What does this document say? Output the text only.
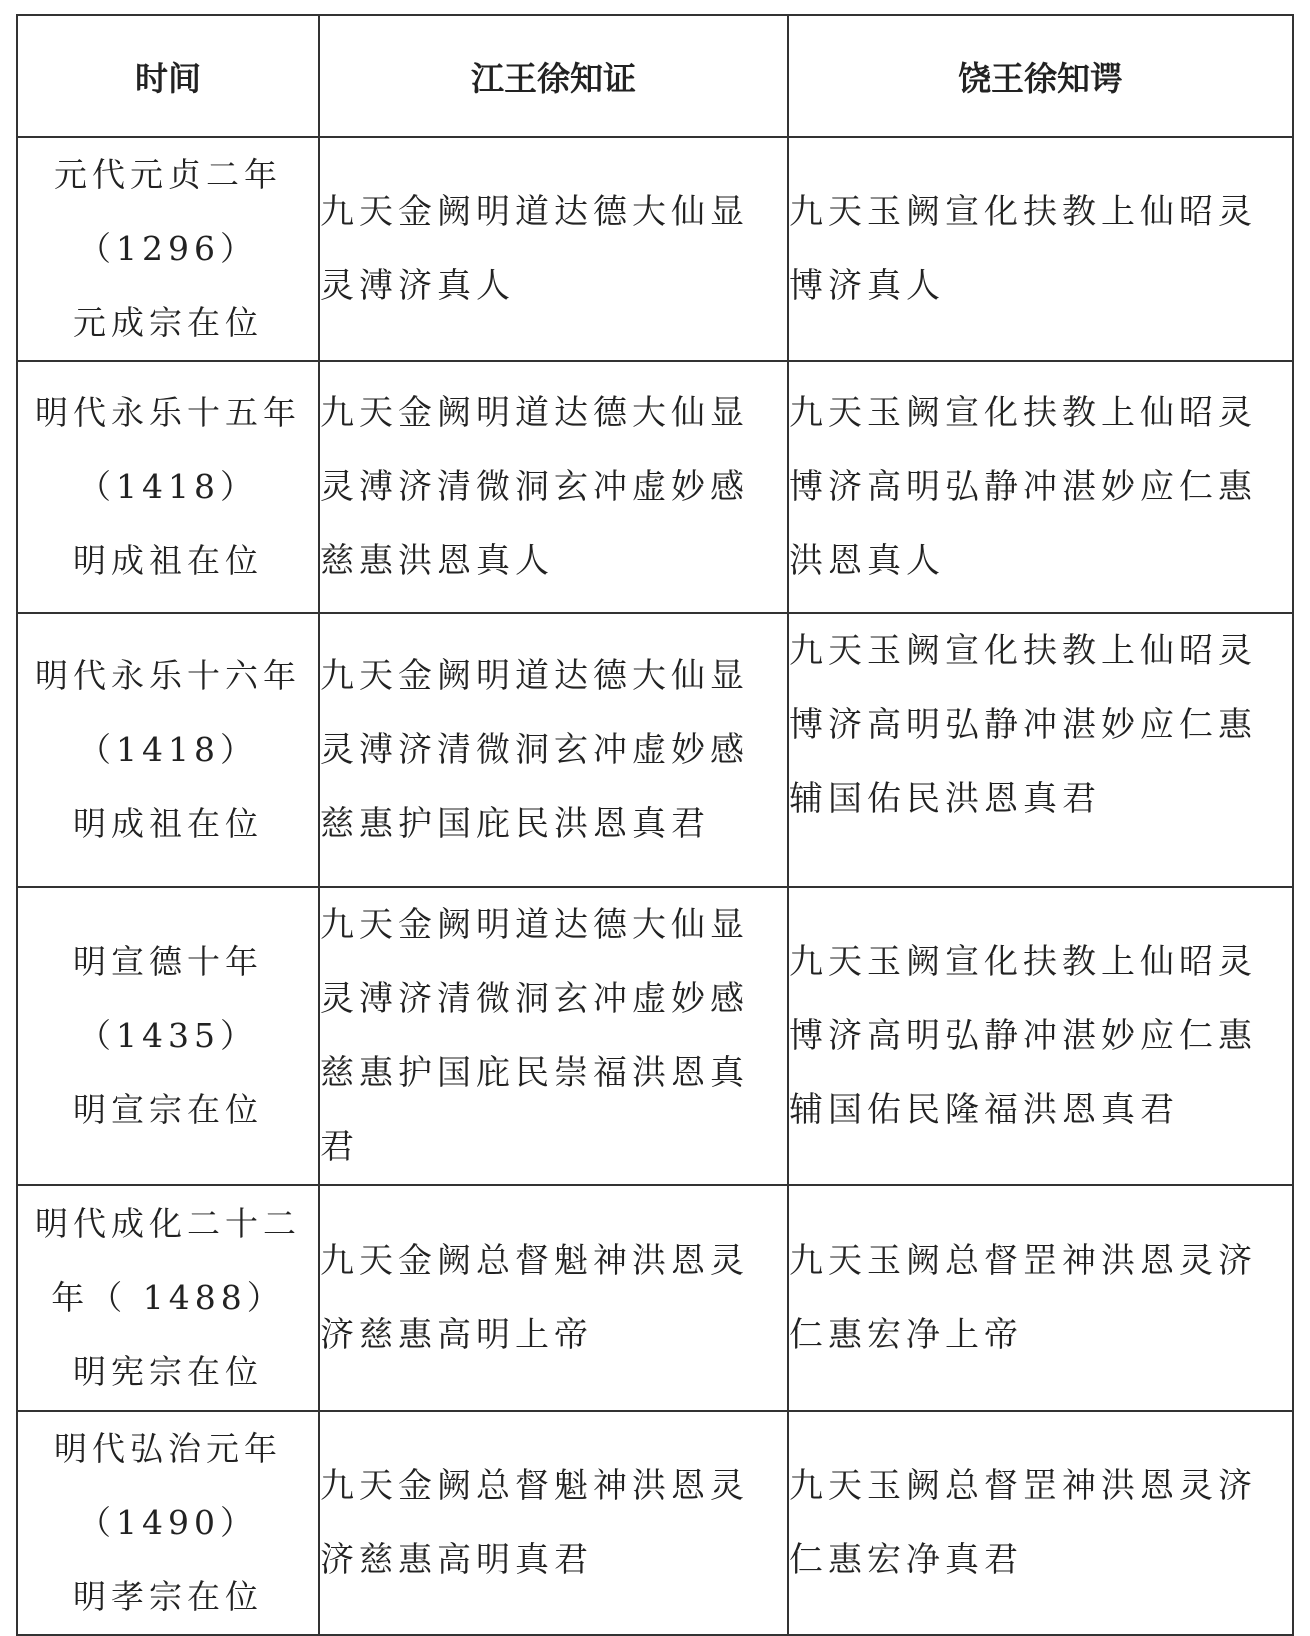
时间	江王徐知证	饶王徐知谔

元代元贞二年
（1296）
元成宗在位	九天金阙明道达德大仙显灵溥济真人	九天玉阙宣化扶教上仙昭灵博济真人

明代永乐十五年
（1418）
明成祖在位	九天金阙明道达德大仙显灵溥济清微洞玄冲虚妙感慈惠洪恩真人	九天玉阙宣化扶教上仙昭灵博济高明弘静冲湛妙应仁惠洪恩真人

明代永乐十六年
（1418）
明成祖在位	九天金阙明道达德大仙显灵溥济清微洞玄冲虚妙感慈惠护国庇民洪恩真君	九天玉阙宣化扶教上仙昭灵博济高明弘静冲湛妙应仁惠辅国佑民洪恩真君

明宣德十年
（1435）
明宣宗在位	九天金阙明道达德大仙显灵溥济清微洞玄冲虚妙感慈惠护国庇民崇福洪恩真君	九天玉阙宣化扶教上仙昭灵博济高明弘静冲湛妙应仁惠辅国佑民隆福洪恩真君

明代成化二十二
年（ 1488）
明宪宗在位	九天金阙总督魁神洪恩灵济慈惠高明上帝	九天玉阙总督罡神洪恩灵济仁惠宏净上帝

明代弘治元年
（1490）
明孝宗在位	九天金阙总督魁神洪恩灵济慈惠高明真君	九天玉阙总督罡神洪恩灵济仁惠宏净真君
